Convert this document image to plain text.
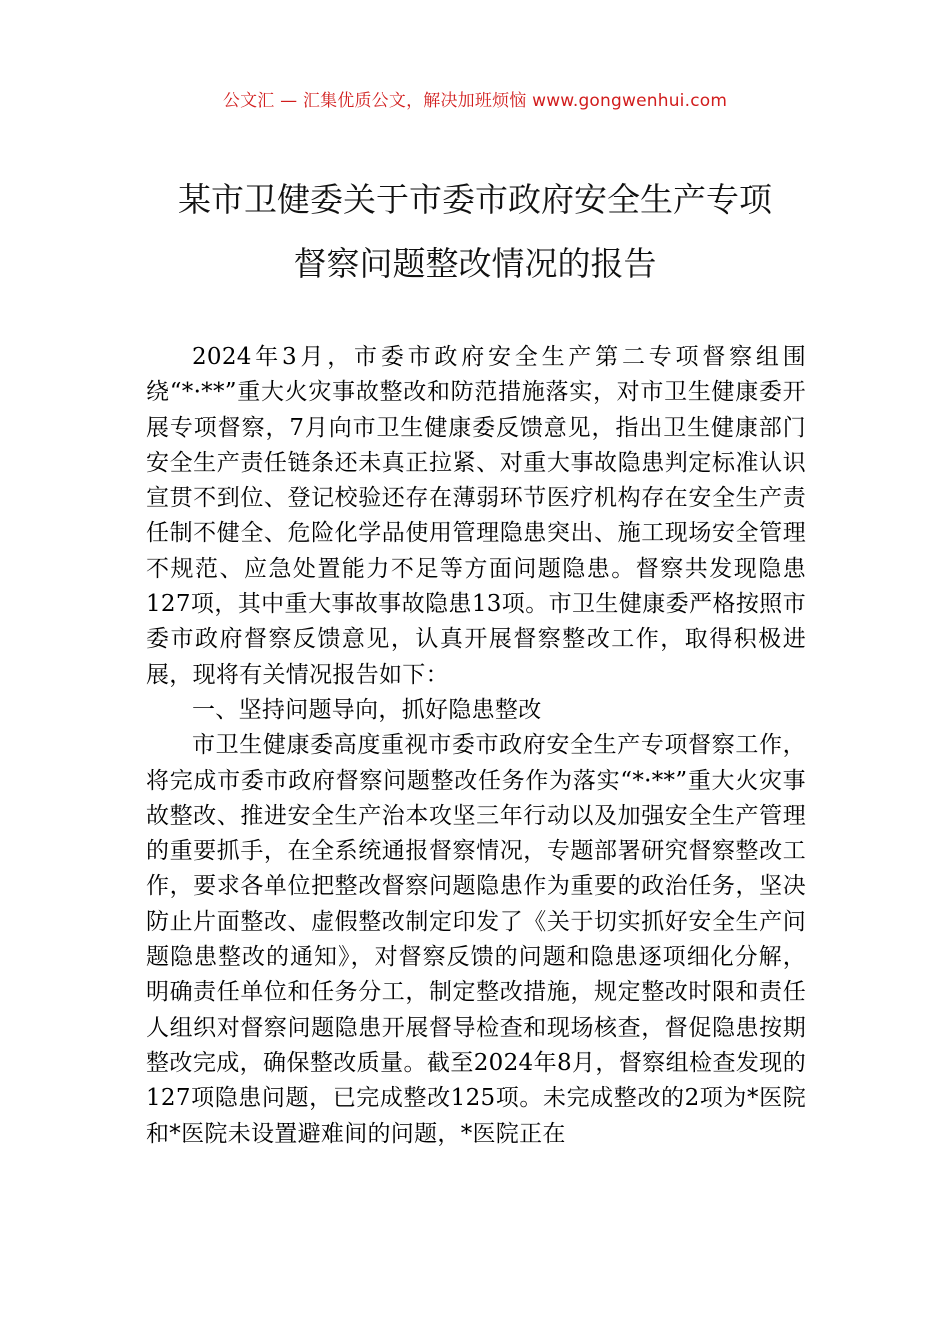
公文汇 — 汇集优质公文，解决加班烦恼 www.gongwenhui.com
某市卫健委关于市委市政府安全生产专项
督察问题整改情况的报告

2024年3月，市委市政府安全生产第二专项督察组围绕“*·**”重大火灾事故整改和防范措施落实，对市卫生健康委开展专项督察，7月向市卫生健康委反馈意见，指出卫生健康部门安全生产责任链条还未真正拉紧、对重大事故隐患判定标准认识宣贯不到位、登记校验还存在薄弱环节医疗机构存在安全生产责任制不健全、危险化学品使用管理隐患突出、施工现场安全管理不规范、应急处置能力不足等方面问题隐患。督察共发现隐患127项，其中重大事故事故隐患13项。市卫生健康委严格按照市委市政府督察反馈意见，认真开展督察整改工作，取得积极进展，现将有关情况报告如下：

一、坚持问题导向，抓好隐患整改

市卫生健康委高度重视市委市政府安全生产专项督察工作，将完成市委市政府督察问题整改任务作为落实“*·**”重大火灾事故整改、推进安全生产治本攻坚三年行动以及加强安全生产管理的重要抓手，在全系统通报督察情况，专题部署研究督察整改工作，要求各单位把整改督察问题隐患作为重要的政治任务，坚决防止片面整改、虚假整改制定印发了《关于切实抓好安全生产问题隐患整改的通知》，对督察反馈的问题和隐患逐项细化分解，明确责任单位和任务分工，制定整改措施，规定整改时限和责任人组织对督察问题隐患开展督导检查和现场核查，督促隐患按期整改完成，确保整改质量。截至2024年8月，督察组检查发现的127项隐患问题，已完成整改125项。未完成整改的2项为*医院和*医院未设置避难间的问题，*医院正在
